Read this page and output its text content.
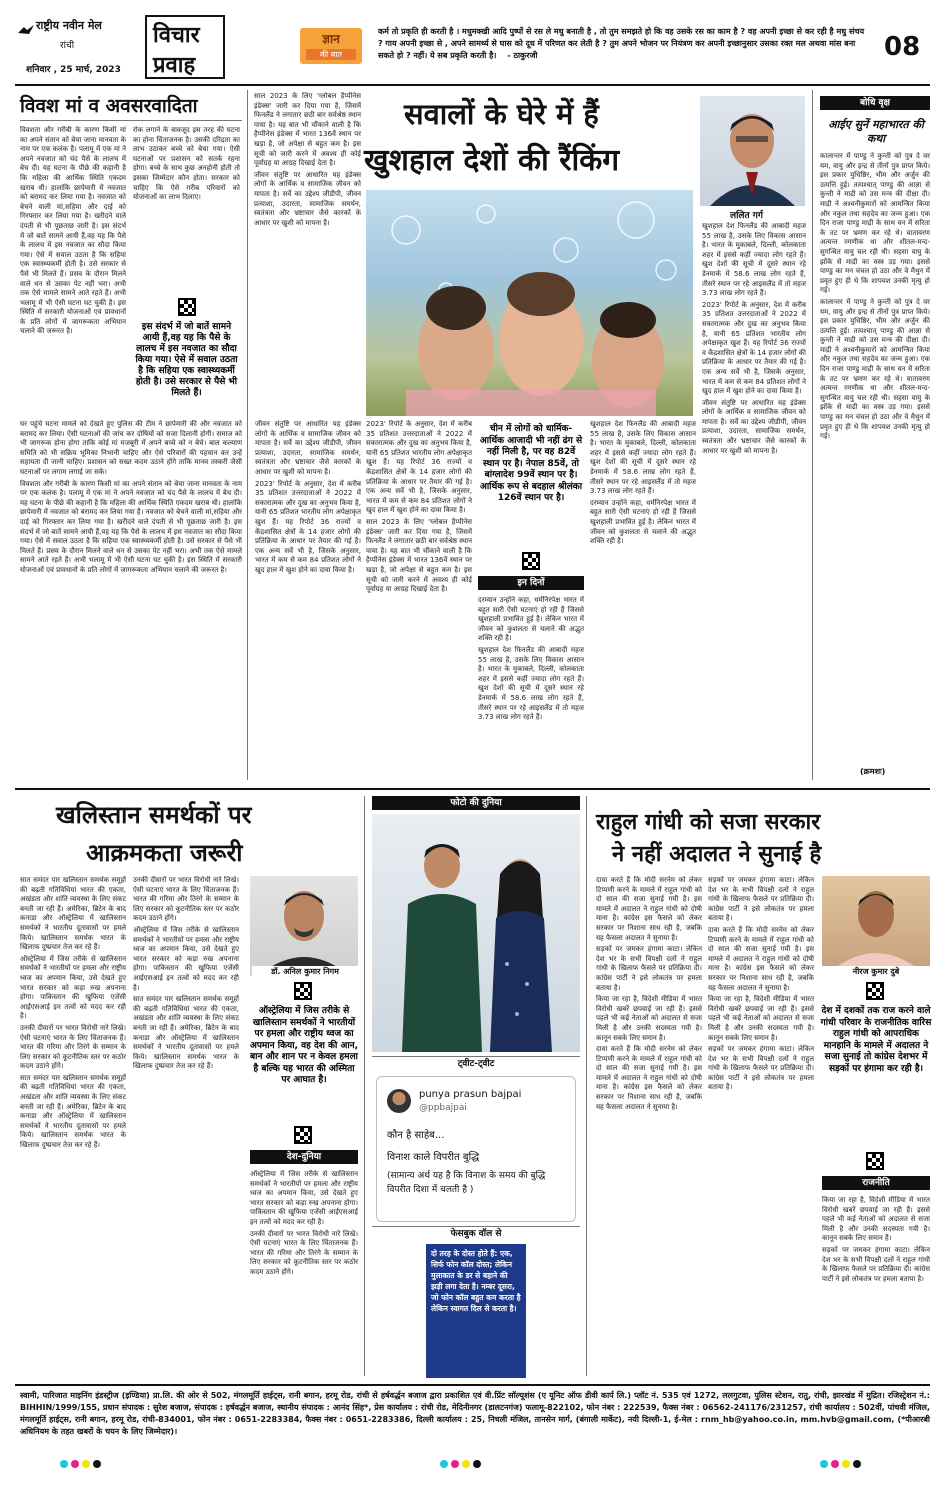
राष्ट्रीय नवीन मेल
रांची
शनिवार , 25 मार्च, 2023
विचार
प्रवाह
ज्ञान
की बात
कर्म तो प्रकृति ही करती है । मधुमक्खी आदि पुष्पों से रस ले मधु बनाती है , तो तुम समझते हो कि वह उसके रस का काम है ? वह अपनी इच्छा से कर रही है मधु संचय ? गाय अपनी इच्छा से , अपने सामर्थ्य से घास को दूध में परिणत कर लेती है ? तुम अपने भोजन पर नियंत्रण कर अपनी इच्छानुसार उसका रक्त मल अथवा मांस बना सकते हो ? नहीं। ये सब प्रकृति करती है। - ठाकुरजी	08
विवश मां व अवसरवादिता

विवशता और गरीबी के कारण किसी मां का अपने संतान को बेचा जाना मानवता के नाम पर एक कलंक है। पलामू में एक मां ने अपने नवजात को चंद पैसे के लालच में बेच दी। यह घटना के पीछे की कहानी है कि महिला की आर्थिक स्थिति एकदम खराब थी। हालांकि छापेमारी में नवजात को बरामद कर लिया गया है। नवजात को बेचने वाली मां,सहिया और दाई को गिरफ्तार कर लिया गया है। खरीदने वाले दंपती से भी पूछताछ जारी है। इस संदर्भ में जो बातें सामने आयी हैं,वह यह कि पैसे के लालच में इस नवजात का सौदा किया गया। ऐसे में सवाल उठता है कि सहिया एक स्वास्थ्यकर्मी होती है। उसे सरकार से पैसे भी मिलते हैं। प्रसव के दौरान मिलने वाले धन से उसका पेट नहीं भरा। अभी तक ऐसे मामले सामने आते रहते हैं। अभी भलामू में भी ऐसी घटना घट चुकी है। इस स्थिति में सरकारी योजनाओं एवं प्रावधानों के प्रति लोगों में जागरूकता अभियान चलाने की जरूरत है।

रोक लगाने के बावजूद इस तरह की घटना का होना चिंताजनक है। उसकी दरिद्रता का लाभ उठाकर बच्चे को बेचा गया। ऐसी घटनाओं पर प्रशासन को सतर्क रहना होगा। बच्चे के साथ कुछ अनहोनी होती तो इसका जिम्मेदार कौन होता। सरकार को चाहिए कि ऐसे गरीब परिवारों को योजनाओं का लाभ दिलाए।

इस संदर्भ में जो बातें सामने आयी हैं,वह यह कि पैसे के लालच में इस नवजात का सौदा किया गया। ऐसे में सवाल उठता है कि सहिया एक स्वास्थ्यकर्मी होती है। उसे सरकार से पैसे भी मिलते हैं।

घर पहुंचे घटना मामले को देखते हुए पुलिस की टीम ने छापेमारी की और नवजात को बरामद कर लिया। ऐसी घटनाओं की जांच कर दोषियों को सजा दिलानी होगी। समाज को भी जागरूक होना होगा ताकि कोई मां मजबूरी में अपने बच्चे को न बेचे। बाल कल्याण समिति को भी सक्रिय भूमिका निभानी चाहिए और ऐसे परिवारों की पहचान कर उन्हें सहायता दी जानी चाहिए। प्रशासन को सख्त कदम उठाने होंगे ताकि मानव तस्करी जैसी घटनाओं पर लगाम लगाई जा सके।

विवशता और गरीबी के कारण किसी मां का अपने संतान को बेचा जाना मानवता के नाम पर एक कलंक है। पलामू में एक मां ने अपने नवजात को चंद पैसे के लालच में बेच दी। यह घटना के पीछे की कहानी है कि महिला की आर्थिक स्थिति एकदम खराब थी। हालांकि छापेमारी में नवजात को बरामद कर लिया गया है। नवजात को बेचने वाली मां,सहिया और दाई को गिरफ्तार कर लिया गया है। खरीदने वाले दंपती से भी पूछताछ जारी है। इस संदर्भ में जो बातें सामने आयी हैं,वह यह कि पैसे के लालच में इस नवजात का सौदा किया गया। ऐसे में सवाल उठता है कि सहिया एक स्वास्थ्यकर्मी होती है। उसे सरकार से पैसे भी मिलते हैं। प्रसव के दौरान मिलने वाले धन से उसका पेट नहीं भरा। अभी तक ऐसे मामले सामने आते रहते हैं। अभी भलामू में भी ऐसी घटना घट चुकी है। इस स्थिति में सरकारी योजनाओं एवं प्रावधानों के प्रति लोगों में जागरूकता अभियान चलाने की जरूरत है।

साल 2023 के लिए 'ग्लोबल हैप्पीनेस इंडेक्स' जारी कर दिया गया है, जिसमें फिनलैंड ने लगातार छठी बार सर्वश्रेष्ठ स्थान पाया है। यह बात भी चौंकाने वाली है कि हैप्पीनेस इंडेक्स में भारत 136वें स्थान पर खड़ा है, जो अपेक्षा से बहुत कम है। इस सूची को जारी करने में अवश्य ही कोई पूर्वाग्रह या आग्रह दिखाई देता है।

जीवन संतुष्टि पर आधारित यह इंडेक्स लोगों के आर्थिक व सामाजिक जीवन को मापता है। सर्वे का उद्देश्य जीडीपी, जीवन प्रत्याशा, उदारता, सामाजिक समर्थन, स्वतंत्रता और भ्रष्टाचार जैसे कारकों के आधार पर खुशी को मापना है।

सवालों के घेरे में हैं
खुशहाल देशों की रैंकिंग
ललित गर्ग

2023' रिपोर्ट के अनुसार, देश में करीब 35 प्रतिशत उत्तरदाताओं ने 2022 में सकारात्मक और दुख का अनुभव किया है, यानी 65 प्रतिशत भारतीय लोग अपेक्षाकृत खुश हैं। यह रिपोर्ट 36 राज्यों व केंद्रशासित क्षेत्रों के 14 हजार लोगों की प्रतिक्रिया के आधार पर तैयार की गई है। एक अन्य सर्वे भी है, जिसके अनुसार, भारत में कम से कम 84 प्रतिशत लोगों ने खुद हाल में खुश होने का दावा किया है।

साल 2023 के लिए 'ग्लोबल हैप्पीनेस इंडेक्स' जारी कर दिया गया है, जिसमें फिनलैंड ने लगातार छठी बार सर्वश्रेष्ठ स्थान पाया है। यह बात भी चौंकाने वाली है कि हैप्पीनेस इंडेक्स में भारत 136वें स्थान पर खड़ा है, जो अपेक्षा से बहुत कम है। इस सूची को जारी करने में अवश्य ही कोई पूर्वाग्रह या आग्रह दिखाई देता है।

जीवन संतुष्टि पर आधारित यह इंडेक्स लोगों के आर्थिक व सामाजिक जीवन को मापता है। सर्वे का उद्देश्य जीडीपी, जीवन प्रत्याशा, उदारता, सामाजिक समर्थन, स्वतंत्रता और भ्रष्टाचार जैसे कारकों के आधार पर खुशी को मापना है।

2023' रिपोर्ट के अनुसार, देश में करीब 35 प्रतिशत उत्तरदाताओं ने 2022 में सकारात्मक और दुख का अनुभव किया है, यानी 65 प्रतिशत भारतीय लोग अपेक्षाकृत खुश हैं। यह रिपोर्ट 36 राज्यों व केंद्रशासित क्षेत्रों के 14 हजार लोगों की प्रतिक्रिया के आधार पर तैयार की गई है। एक अन्य सर्वे भी है, जिसके अनुसार, भारत में कम से कम 84 प्रतिशत लोगों ने खुद हाल में खुश होने का दावा किया है।

चीन में लोगों को धार्मिक-आर्थिक आजादी भी नहीं ढंग से नहीं मिली है, पर वह 82वें स्थान पर है। नेपाल 85वें, तो बांग्लादेश 99वें स्थान पर है। आर्थिक रूप से बदहाल श्रीलंका 126वें स्थान पर है।
इन दिनों

दरम्यान उन्होंने कहा, धर्मनिरपेक्ष भारत में बहुत सारी ऐसी घटनाएं हो रही हैं जिससे खुशहाली प्रभावित हुई है। लेकिन भारत में जीवन को कुशलता से चलाने की अद्भुत शक्ति रही है।

खुशहाल देश फिनलैंड की आबादी महज 55 लाख है, उसके लिए विकास आसान है। भारत के मुकाबले, दिल्ली, कोलकाता शहर में इससे कहीं ज्यादा लोग रहते हैं। खुश देशों की सूची में दूसरे स्थान रहे डेनमार्क में 58.6 लाख लोग रहते हैं, तीसरे स्थान पर रहे आइसलैंड में तो महज 3.73 लाख लोग रहते हैं।

खुशहाल देश फिनलैंड की आबादी महज 55 लाख है, उसके लिए विकास आसान है। भारत के मुकाबले, दिल्ली, कोलकाता शहर में इससे कहीं ज्यादा लोग रहते हैं। खुश देशों की सूची में दूसरे स्थान रहे डेनमार्क में 58.6 लाख लोग रहते हैं, तीसरे स्थान पर रहे आइसलैंड में तो महज 3.73 लाख लोग रहते हैं।

दरम्यान उन्होंने कहा, धर्मनिरपेक्ष भारत में बहुत सारी ऐसी घटनाएं हो रही हैं जिससे खुशहाली प्रभावित हुई है। लेकिन भारत में जीवन को कुशलता से चलाने की अद्भुत शक्ति रही है।

खुशहाल देश फिनलैंड की आबादी महज 55 लाख है, उसके लिए विकास आसान है। भारत के मुकाबले, दिल्ली, कोलकाता शहर में इससे कहीं ज्यादा लोग रहते हैं। खुश देशों की सूची में दूसरे स्थान रहे डेनमार्क में 58.6 लाख लोग रहते हैं, तीसरे स्थान पर रहे आइसलैंड में तो महज 3.73 लाख लोग रहते हैं।

2023' रिपोर्ट के अनुसार, देश में करीब 35 प्रतिशत उत्तरदाताओं ने 2022 में सकारात्मक और दुख का अनुभव किया है, यानी 65 प्रतिशत भारतीय लोग अपेक्षाकृत खुश हैं। यह रिपोर्ट 36 राज्यों व केंद्रशासित क्षेत्रों के 14 हजार लोगों की प्रतिक्रिया के आधार पर तैयार की गई है। एक अन्य सर्वे भी है, जिसके अनुसार, भारत में कम से कम 84 प्रतिशत लोगों ने खुद हाल में खुश होने का दावा किया है।

जीवन संतुष्टि पर आधारित यह इंडेक्स लोगों के आर्थिक व सामाजिक जीवन को मापता है। सर्वे का उद्देश्य जीडीपी, जीवन प्रत्याशा, उदारता, सामाजिक समर्थन, स्वतंत्रता और भ्रष्टाचार जैसे कारकों के आधार पर खुशी को मापना है।

बोधि वृक्ष
आईए सुनें महाभारत की कथा

कालान्तर में पाण्डु ने कुन्ती को पुत्र दे वर यम, वायु और इन्द्र से तीनों पुत्र प्राप्त किये। इस प्रकार युधिष्ठिर, भीम और अर्जुन की उत्पत्ति हुई। तत्पश्चात् पाण्डु की आज्ञा से कुन्ती ने माद्री को उस मन्त्र की दीक्षा दी। माद्री ने अश्वनीकुमारों को आमन्त्रित किया और नकुल तथा सहदेव का जन्म हुआ। एक दिन राजा पाण्डु माद्री के साथ वन में सरिता के तट पर भ्रमण कर रहे थे। वातावरण अत्यन्त रमणीक था और शीतल-मन्द-सुगन्धित वायु चल रही थी। सहसा वायु के झोंके से माद्री का वस्त्र उड़ गया। इससे पाण्डु का मन चंचल हो उठा और वे मैथुन में प्रवृत हुए ही थे कि शापवश उनकी मृत्यु हो गई।

कालान्तर में पाण्डु ने कुन्ती को पुत्र दे वर यम, वायु और इन्द्र से तीनों पुत्र प्राप्त किये। इस प्रकार युधिष्ठिर, भीम और अर्जुन की उत्पत्ति हुई। तत्पश्चात् पाण्डु की आज्ञा से कुन्ती ने माद्री को उस मन्त्र की दीक्षा दी। माद्री ने अश्वनीकुमारों को आमन्त्रित किया और नकुल तथा सहदेव का जन्म हुआ। एक दिन राजा पाण्डु माद्री के साथ वन में सरिता के तट पर भ्रमण कर रहे थे। वातावरण अत्यन्त रमणीक था और शीतल-मन्द-सुगन्धित वायु चल रही थी। सहसा वायु के झोंके से माद्री का वस्त्र उड़ गया। इससे पाण्डु का मन चंचल हो उठा और वे मैथुन में प्रवृत हुए ही थे कि शापवश उनकी मृत्यु हो गई।

(क्रमशः)
खलिस्तान समर्थकों पर
आक्रमकता जरूरी

सात समंदर पार खलिस्तान समर्थक समूहों की बढ़ती गतिविधियां भारत की एकता, अखंडता और शांति व्यवस्था के लिए संकट बनती जा रही हैं। अमेरिका, ब्रिटेन के बाद कनाडा और ऑस्ट्रेलिया में खालिस्तान समर्थकों ने भारतीय दूतावासों पर हमले किये। खालिस्तान समर्थक भारत के खिलाफ दुष्प्रचार तेज कर रहे हैं।

ऑस्ट्रेलिया में जिस तरीके से खालिस्तान समर्थकों ने भारतीयों पर हमला और राष्ट्रीय ध्वज का अपमान किया, उसे देखते हुए भारत सरकार को कड़ा रुख अपनाना होगा। पाकिस्तान की खुफिया एजेंसी आईएसआई इन तत्वों को मदद कर रही है।

उनकी दीवारों पर भारत विरोधी नारे लिखे। ऐसी घटनाएं भारत के लिए चिंताजनक हैं। भारत की गरिमा और तिरंगे के सम्मान के लिए सरकार को कूटनीतिक स्तर पर कठोर कदम उठाने होंगे।

सात समंदर पार खलिस्तान समर्थक समूहों की बढ़ती गतिविधियां भारत की एकता, अखंडता और शांति व्यवस्था के लिए संकट बनती जा रही हैं। अमेरिका, ब्रिटेन के बाद कनाडा और ऑस्ट्रेलिया में खालिस्तान समर्थकों ने भारतीय दूतावासों पर हमले किये। खालिस्तान समर्थक भारत के खिलाफ दुष्प्रचार तेज कर रहे हैं।

उनकी दीवारों पर भारत विरोधी नारे लिखे। ऐसी घटनाएं भारत के लिए चिंताजनक हैं। भारत की गरिमा और तिरंगे के सम्मान के लिए सरकार को कूटनीतिक स्तर पर कठोर कदम उठाने होंगे।

ऑस्ट्रेलिया में जिस तरीके से खालिस्तान समर्थकों ने भारतीयों पर हमला और राष्ट्रीय ध्वज का अपमान किया, उसे देखते हुए भारत सरकार को कड़ा रुख अपनाना होगा। पाकिस्तान की खुफिया एजेंसी आईएसआई इन तत्वों को मदद कर रही है।

सात समंदर पार खलिस्तान समर्थक समूहों की बढ़ती गतिविधियां भारत की एकता, अखंडता और शांति व्यवस्था के लिए संकट बनती जा रही हैं। अमेरिका, ब्रिटेन के बाद कनाडा और ऑस्ट्रेलिया में खालिस्तान समर्थकों ने भारतीय दूतावासों पर हमले किये। खालिस्तान समर्थक भारत के खिलाफ दुष्प्रचार तेज कर रहे हैं।

डॉ. अनिल कुमार निगम
ऑस्ट्रेलिया में जिस तरीके से खालिस्तान समर्थकों ने भारतीयों पर हमला और राष्ट्रीय ध्वज का अपमान किया, वह देश की आन, बान और शान पर न केवल हमला है बल्कि यह भारत की अस्मिता पर आघात है।
देश-दुनिया

ऑस्ट्रेलिया में जिस तरीके से खालिस्तान समर्थकों ने भारतीयों पर हमला और राष्ट्रीय ध्वज का अपमान किया, उसे देखते हुए भारत सरकार को कड़ा रुख अपनाना होगा। पाकिस्तान की खुफिया एजेंसी आईएसआई इन तत्वों को मदद कर रही है।

उनकी दीवारों पर भारत विरोधी नारे लिखे। ऐसी घटनाएं भारत के लिए चिंताजनक हैं। भारत की गरिमा और तिरंगे के सम्मान के लिए सरकार को कूटनीतिक स्तर पर कठोर कदम उठाने होंगे।

फोटो की दुनिया
ट्वीट-ट्वीट
punya prasun bajpai
@ppbajpai
कौन है साहेब...
विनाश काले विपरीत बुद्धि
(सामान्य अर्थ यह है कि विनाश के समय की बुद्धि विपरीत दिशा में चलती है )
फेसबुक वॉल से
दो तरह के दोस्त होते हैं: एक, सिर्फ फोन कॉल दोस्त; लेकिन मुलाकात के डर से बहाने की झड़ी लगा देता है। नम्बर दूसरा, जो फोन कॉल बहुत कम करता है लेकिन स्वागत दिल से करता है।
राहुल गांधी को सजा सरकार
ने नहीं अदालत ने सुनाई है

दावा करते हैं कि मोदी सरनेम को लेकर टिप्पणी करने के मामले में राहुल गांधी को दो साल की सजा सुनाई गयी है। इस मामले में अदालत ने राहुल गांधी को दोषी माना है। कांग्रेस इस फैसले को लेकर सरकार पर निशाना साध रही है, जबकि यह फैसला अदालत ने सुनाया है।

सड़कों पर जमकर हंगामा काटा। लेकिन देश भर के सभी विपक्षी दलों ने राहुल गांधी के खिलाफ फैसले पर प्रतिक्रिया दी। कांग्रेस पार्टी ने इसे लोकतंत्र पर हमला बताया है।

किया जा रहा है, विदेशी मीडिया में भारत विरोधी खबरें छपवाई जा रही हैं। इससे पहले भी कई नेताओं को अदालत से सजा मिली है और उनकी सदस्यता गयी है। कानून सबके लिए समान है।

दावा करते हैं कि मोदी सरनेम को लेकर टिप्पणी करने के मामले में राहुल गांधी को दो साल की सजा सुनाई गयी है। इस मामले में अदालत ने राहुल गांधी को दोषी माना है। कांग्रेस इस फैसले को लेकर सरकार पर निशाना साध रही है, जबकि यह फैसला अदालत ने सुनाया है।

सड़कों पर जमकर हंगामा काटा। लेकिन देश भर के सभी विपक्षी दलों ने राहुल गांधी के खिलाफ फैसले पर प्रतिक्रिया दी। कांग्रेस पार्टी ने इसे लोकतंत्र पर हमला बताया है।

दावा करते हैं कि मोदी सरनेम को लेकर टिप्पणी करने के मामले में राहुल गांधी को दो साल की सजा सुनाई गयी है। इस मामले में अदालत ने राहुल गांधी को दोषी माना है। कांग्रेस इस फैसले को लेकर सरकार पर निशाना साध रही है, जबकि यह फैसला अदालत ने सुनाया है।

किया जा रहा है, विदेशी मीडिया में भारत विरोधी खबरें छपवाई जा रही हैं। इससे पहले भी कई नेताओं को अदालत से सजा मिली है और उनकी सदस्यता गयी है। कानून सबके लिए समान है।

सड़कों पर जमकर हंगामा काटा। लेकिन देश भर के सभी विपक्षी दलों ने राहुल गांधी के खिलाफ फैसले पर प्रतिक्रिया दी। कांग्रेस पार्टी ने इसे लोकतंत्र पर हमला बताया है।

नीरज कुमार दुबे
देश में दशकों तक राज करने वाले गांधी परिवार के राजनीतिक वारिस राहुल गांधी को आपराधिक मानहानि के मामले में अदालत ने सजा सुनाई तो कांग्रेस देशभर में सड़कों पर हंगामा कर रही है।
राजनीति

किया जा रहा है, विदेशी मीडिया में भारत विरोधी खबरें छपवाई जा रही हैं। इससे पहले भी कई नेताओं को अदालत से सजा मिली है और उनकी सदस्यता गयी है। कानून सबके लिए समान है।

सड़कों पर जमकर हंगामा काटा। लेकिन देश भर के सभी विपक्षी दलों ने राहुल गांधी के खिलाफ फैसले पर प्रतिक्रिया दी। कांग्रेस पार्टी ने इसे लोकतंत्र पर हमला बताया है।

स्वामी, पारिजात माइनिंग इंडस्ट्रीज (इण्डिया) प्रा.लि. की ओर से 502, मंगलमूर्ति हाईट्स, रानी बगान, हरमू रोड, रांची से हर्षवर्द्धन बजाज द्वारा प्रकाशित एवं वी.प्रिंट सॉल्यूशंस (ए यूनिट ऑफ डीवी कार्प लि.) प्लॉट नं. 535 एवं 1272, ललगुटवा, पुलिस स्टेशन, रातु, रांची, झारखंड में मुद्रित। रजिस्ट्रेशन नं.: BIHHIN/1999/155, प्रधान संपादक : सुरेश बजाज, संपादक : हर्षवर्द्धन बजाज, स्थानीय संपादक : आनंद सिंह*, प्रेस कार्यालय : रांची रोड, मेदिनीनगर (डालटनगंज) फलामू-822102, फोन नंबर : 222539, फैक्स नंबर : 06562-241176/231257, रांची कार्यालय : 502वीं, पांचवी मंजिल, मंगलमूर्ति हाईट्स, रानी बगान, हरमू रोड, रांची-834001, फोन नंबर : 0651-2283384, फैक्स नंबर : 0651-2283386, दिल्ली कार्यालय : 25, निचली मंजिल, तानसेन मार्ग, (बंगाली मार्केट), नयी दिल्ली-1, ई-मेल : rnm_hb@yahoo.co.in, mm.hvb@gmail.com, (*पीआरबी अधिनियम के तहत खबरों के चयन के लिए जिम्मेदार)।
